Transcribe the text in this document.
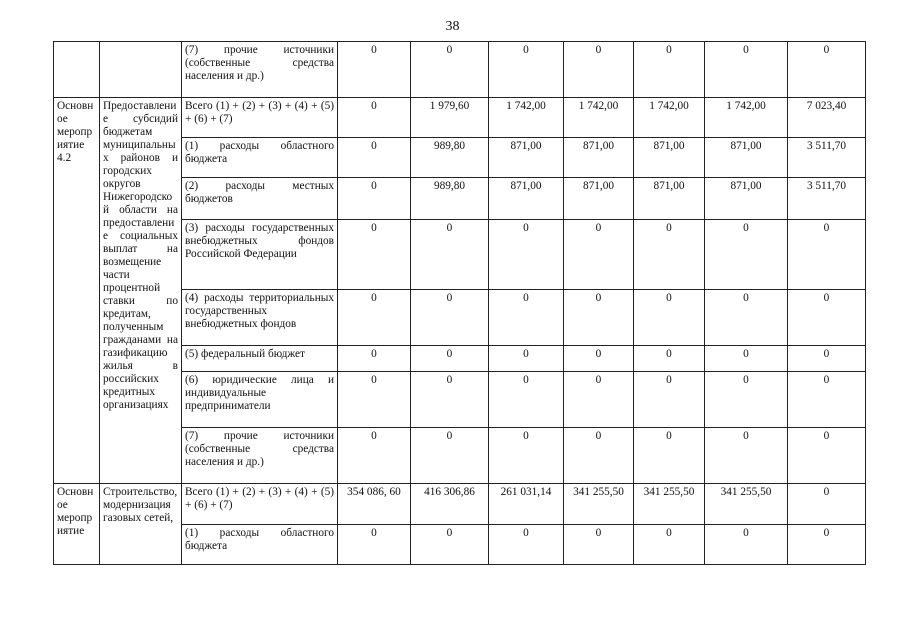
38
		(7) прочие источники (собственные средства населения и др.)	0	0	0	0	0	0	0
Основное мероприятие 4.2	Предоставление субсидий бюджетам муниципальных районов и городских округов Нижегородской области на предоставление социальных выплат на возмещение части процентной ставки по кредитам, полученным гражданами на газификацию жилья в российских кредитных организациях	Всего (1) + (2) + (3) + (4) + (5) + (6) + (7)	0	1 979,60	1 742,00	1 742,00	1 742,00	1 742,00	7 023,40
		(1) расходы областного бюджета	0	989,80	871,00	871,00	871,00	871,00	3 511,70
		(2) расходы местных бюджетов	0	989,80	871,00	871,00	871,00	871,00	3 511,70
		(3) расходы государственных внебюджетных фондов Российской Федерации	0	0	0	0	0	0	0
		(4) расходы территориальных государственных внебюджетных фондов	0	0	0	0	0	0	0
		(5) федеральный бюджет	0	0	0	0	0	0	0
		(6) юридические лица и индивидуальные предприниматели	0	0	0	0	0	0	0
		(7) прочие источники (собственные средства населения и др.)	0	0	0	0	0	0	0
Основное мероприятие	Строительство, модернизация газовых сетей,	Всего (1) + (2) + (3) + (4) + (5) + (6) + (7)	354 086, 60	416 306,86	261 031,14	341 255,50	341 255,50	341 255,50	0
		(1) расходы областного бюджета	0	0	0	0	0	0	0
